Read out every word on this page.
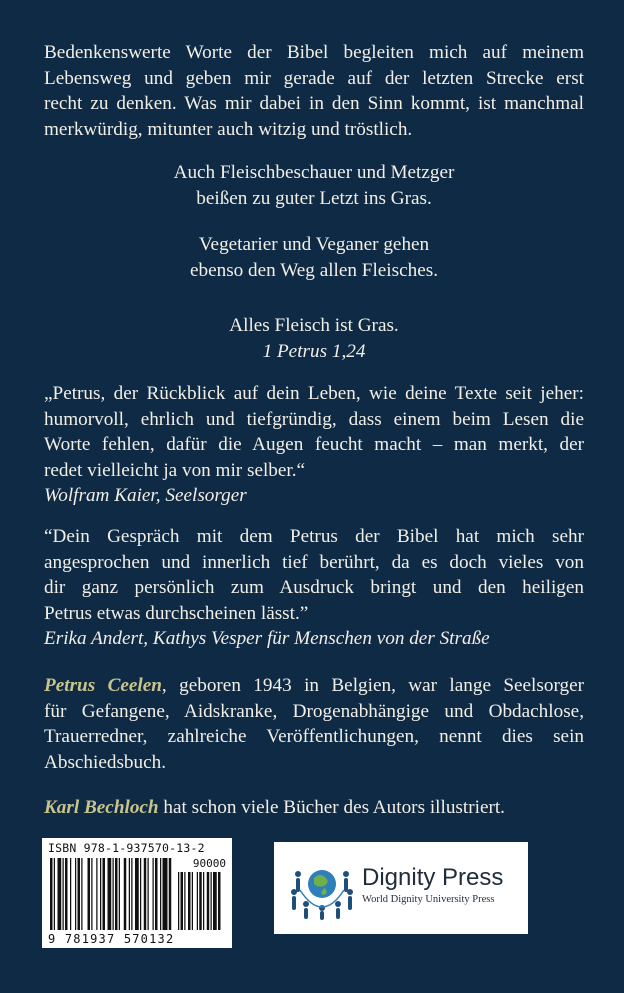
Bedenkenswerte Worte der Bibel begleiten mich auf meinem
Lebensweg und geben mir gerade auf der letzten Strecke erst
recht zu denken. Was mir dabei in den Sinn kommt, ist manchmal
merkwürdig, mitunter auch witzig und tröstlich.
Auch Fleischbeschauer und Metzger
beißen zu guter Letzt ins Gras.
Vegetarier und Veganer gehen
ebenso den Weg allen Fleisches.
Alles Fleisch ist Gras.
1 Petrus 1,24
„Petrus, der Rückblick auf dein Leben, wie deine Texte seit jeher:
humorvoll, ehrlich und tiefgründig, dass einem beim Lesen die
Worte fehlen, dafür die Augen feucht macht – man merkt, der
redet vielleicht ja von mir selber.“
Wolfram Kaier, Seelsorger
“Dein Gespräch mit dem Petrus der Bibel hat mich sehr
angesprochen und innerlich tief berührt, da es doch vieles von
dir ganz persönlich zum Ausdruck bringt und den heiligen
Petrus etwas durchscheinen lässt.”
Erika Andert, Kathys Vesper für Menschen von der Straße
Petrus Ceelen, geboren 1943 in Belgien, war lange Seelsorger
für Gefangene, Aidskranke, Drogenabhängige und Obdachlose,
Trauerredner, zahlreiche Veröffentlichungen, nennt dies sein
Abschiedsbuch.
Karl Bechloch hat schon viele Bücher des Autors illustriert.
ISBN 978-1-937570-13-2
90000
9 781937 570132
Dignity Press
World Dignity University Press
